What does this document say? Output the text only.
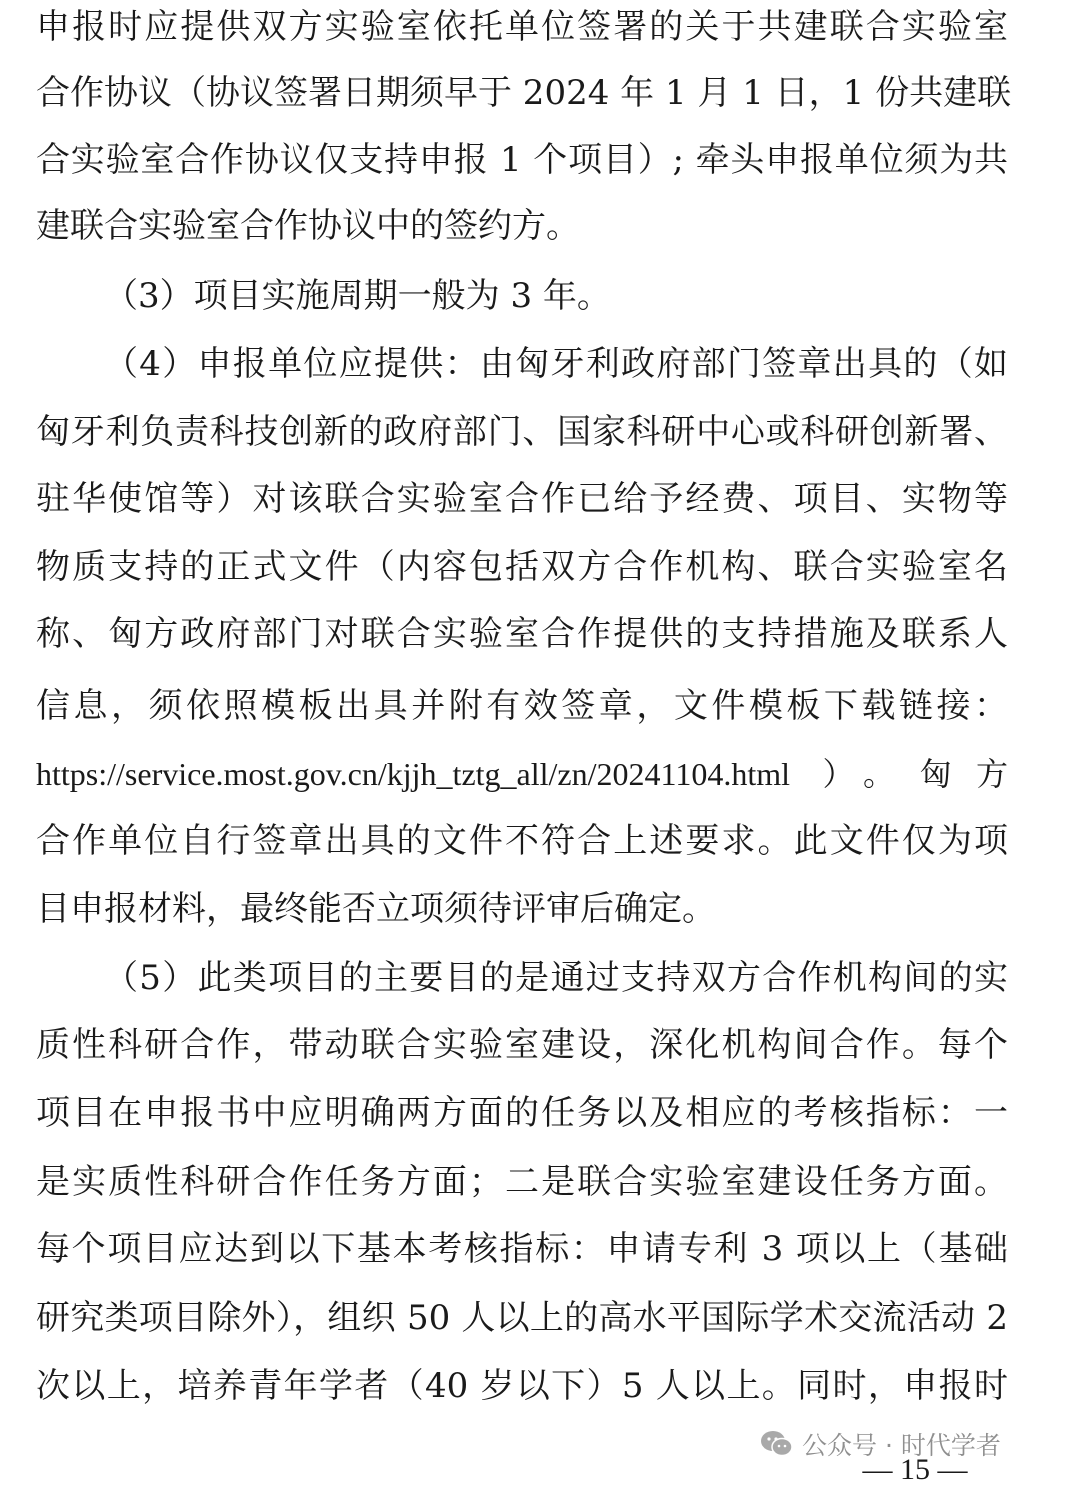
申报时应提供双方实验室依托单位签署的关于共建联合实验室
合作协议（协议签署日期须早于 2024 年 1 月 1 日，1 份共建联
合实验室合作协议仅支持申报 1 个项目）; 牵头申报单位须为共
建联合实验室合作协议中的签约方。
（3）项目实施周期一般为 3 年。
（4）申报单位应提供：由匈牙利政府部门签章出具的（如
匈牙利负责科技创新的政府部门、国家科研中心或科研创新署、
驻华使馆等）对该联合实验室合作已给予经费、项目、实物等
物质支持的正式文件（内容包括双方合作机构、联合实验室名
称、匈方政府部门对联合实验室合作提供的支持措施及联系人
信息，须依照模板出具并附有效签章，文件模板下载链接：
https://service.most.gov.cn/kjjh_tztg_all/zn/20241104.html ）。匈方
合作单位自行签章出具的文件不符合上述要求。此文件仅为项
目申报材料，最终能否立项须待评审后确定。
（5）此类项目的主要目的是通过支持双方合作机构间的实
质性科研合作，带动联合实验室建设，深化机构间合作。每个
项目在申报书中应明确两方面的任务以及相应的考核指标：一
是实质性科研合作任务方面；二是联合实验室建设任务方面。
每个项目应达到以下基本考核指标：申请专利 3 项以上（基础
研究类项目除外），组织 50 人以上的高水平国际学术交流活动 2
次以上，培养青年学者（40 岁以下）5 人以上。同时，申报时
公众号 · 时代学者
— 15 —
